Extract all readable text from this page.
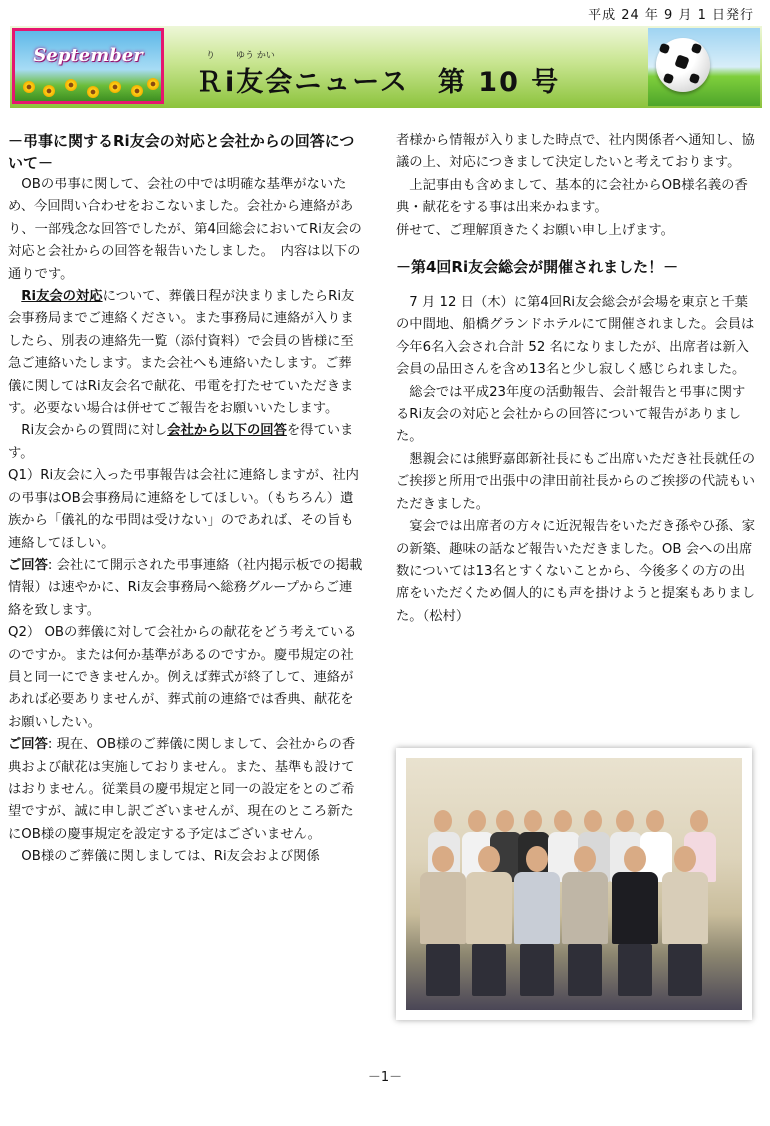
平成 24 年 9 月 1 日発行
September	り ゆう かい
Ｒi友会ニュース　第 10 号

－弔事に関するRi友会の対応と会社からの回答について－

OBの弔事に関して、会社の中では明確な基準がないため、今回問い合わせをおこないました。会社から連絡があり、一部残念な回答でしたが、第4回総会においてRi友会の対応と会社からの回答を報告いたしました。　内容は以下の通りです。

Ri友会の対応について、葬儀日程が決まりましたらRi友会事務局までご連絡ください。また事務局に連絡が入りましたら、別表の連絡先一覧（添付資料）で会員の皆様に至急ご連絡いたします。また会社へも連絡いたします。ご葬儀に関してはRi友会名で献花、弔電を打たせていただきます。必要ない場合は併せてご報告をお願いいたします。

Ri友会からの質問に対し会社から以下の回答を得ています。

Q1）Ri友会に入った弔事報告は会社に連絡しますが、社内の弔事はOB会事務局に連絡をしてほしい。（もちろん）遺族から「儀礼的な弔問は受けない」のであれば、その旨も連絡してほしい。

ご回答: 会社にて開示された弔事連絡（社内掲示板での掲載情報）は速やかに、Ri友会事務局へ総務グループからご連絡を致します。

Q2） OBの葬儀に対して会社からの献花をどう考えているのですか。または何か基準があるのですか。慶弔規定の社員と同一にできませんか。例えば葬式が終了して、連絡があれば必要ありませんが、葬式前の連絡では香典、献花をお願いしたい。

ご回答: 現在、OB様のご葬儀に関しまして、会社からの香典および献花は実施しておりません。また、基準も設けてはおりません。従業員の慶弔規定と同一の設定をとのご希望ですが、誠に申し訳ございませんが、現在のところ新たにOB様の慶事規定を設定する予定はございません。

OB様のご葬儀に関しましては、Ri友会および関係

者様から情報が入りました時点で、社内関係者へ通知し、協議の上、対応につきまして決定したいと考えております。

上記事由も含めまして、基本的に会社からOB様名義の香典・献花をする事は出来かねます。

併せて、ご理解頂きたくお願い申し上げます。

－第4回Ri友会総会が開催されました！－

7 月 12 日（木）に第4回Ri友会総会が会場を東京と千葉の中間地、船橋グランドホテルにて開催されました。会員は今年6名入会され合計 52 名になりましたが、出席者は新入会員の品田さんを含め13名と少し寂しく感じられました。

総会では平成23年度の活動報告、会計報告と弔事に関するRi友会の対応と会社からの回答について報告がありました。

懇親会には熊野嘉郎新社長にもご出席いただき社長就任のご挨拶と所用で出張中の津田前社長からのご挨拶の代読もいただきました。

宴会では出席者の方々に近況報告をいただき孫やひ孫、家の新築、趣味の話など報告いただきました。OB 会への出席数については13名とすくないことから、今後多くの方の出席をいただくため個人的にも声を掛けようと提案もありました。（松村）

－1－
